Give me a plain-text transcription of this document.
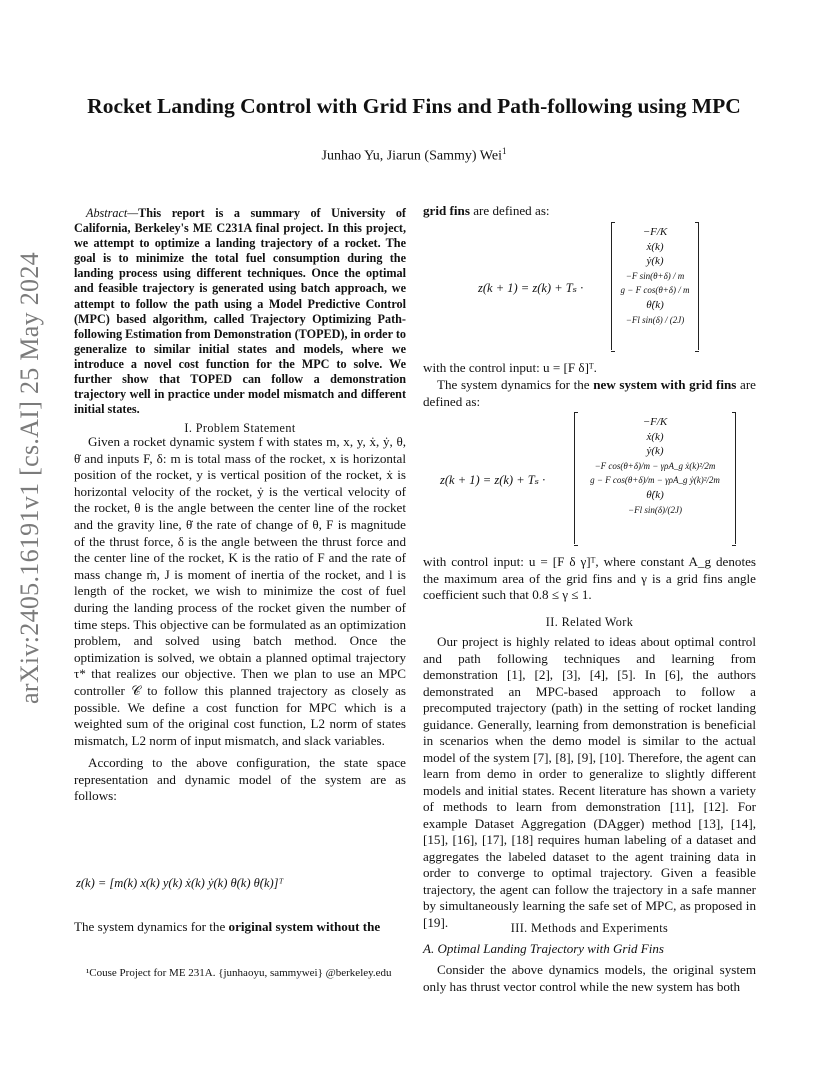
Rocket Landing Control with Grid Fins and Path-following using MPC
Junhao Yu, Jiarun (Sammy) Wei$^1$
arXiv:2405.16191v1 [cs.AI] 25 May 2024

Abstract—This report is a summary of University of California, Berkeley's ME C231A final project. In this project, we attempt to optimize a landing trajectory of a rocket. The goal is to minimize the total fuel consumption during the landing process using different techniques. Once the optimal and feasible trajectory is generated using batch approach, we attempt to follow the path using a Model Predictive Control (MPC) based algorithm, called Trajectory Optimizing Path-following Estimation from Demonstration (TOPED), in order to generalize to similar initial states and models, where we introduce a novel cost function for the MPC to solve. We further show that TOPED can follow a demonstration trajectory well in practice under model mismatch and different initial states.

I. Problem Statement

Given a rocket dynamic system f with states m, x, y, ẋ, ẏ, θ, θ̇ and inputs F, δ: m is total mass of the rocket, x is horizontal position of the rocket, y is vertical position of the rocket, ẋ is horizontal velocity of the rocket, ẏ is the vertical velocity of the rocket, θ is the angle between the center line of the rocket and the gravity line, θ̇ the rate of change of θ, F is magnitude of the thrust force, δ is the angle between the thrust force and the center line of the rocket, K is the ratio of F and the rate of mass change ṁ, J is moment of inertia of the rocket, and l is length of the rocket, we wish to minimize the cost of fuel during the landing process of the rocket given the number of time steps. This objective can be formulated as an optimization problem, and solved using batch method. Once the optimization is solved, we obtain a planned optimal trajectory τ* that realizes our objective. Then we plan to use an MPC controller 𝒞 to follow this planned trajectory as closely as possible. We define a cost function for MPC which is a weighted sum of the original cost function, L2 norm of states mismatch, L2 norm of input mismatch, and slack variables.

According to the above configuration, the state space representation and dynamic model of the system are as follows:

z(k) = [m(k) x(k) y(k) ẋ(k) ẏ(k) θ(k) θ̇(k)]ᵀ
The system dynamics for the original system without the
¹Couse Project for ME 231A. {junhaoyu, sammywei} @berkeley.edu
grid fins are defined as:
z(k + 1) = z(k) + Tₛ ·
−F/K
ẋ(k)
ẏ(k)
−F sin(θ+δ) / m
g − F cos(θ+δ) / m
θ̇(k)
−Fl sin(δ) / (2J)
with the control input: u = [F δ]ᵀ.
The system dynamics for the new system with grid fins are defined as:
z(k + 1) = z(k) + Tₛ ·
−F/K
ẋ(k)
ẏ(k)
−F cos(θ+δ)/m − γρA_g ẋ(k)²/2m
g − F cos(θ+δ)/m − γρA_g ẏ(k)²/2m
θ̇(k)
−Fl sin(δ)/(2J)
with control input: u = [F δ γ]ᵀ, where constant A_g denotes the maximum area of the grid fins and γ is a grid fins angle coefficient such that 0.8 ≤ γ ≤ 1.
II. Related Work

Our project is highly related to ideas about optimal control and path following techniques and learning from demonstration [1], [2], [3], [4], [5]. In [6], the authors demonstrated an MPC-based approach to follow a precomputed trajectory (path) in the setting of rocket landing guidance. Generally, learning from demonstration is beneficial in scenarios when the demo model is similar to the actual model of the system [7], [8], [9], [10]. Therefore, the agent can learn from demo in order to generalize to slightly different models and initial states. Recent literature has shown a variety of methods to learn from demonstration [11], [12]. For example Dataset Aggregation (DAgger) method [13], [14], [15], [16], [17], [18] requires human labeling of a dataset and aggregates the labeled dataset to the agent training data in order to converge to optimal trajectory. Given a feasible trajectory, the agent can follow the trajectory in a safe manner by simultaneously learning the safe set of MPC, as proposed in [19].	III. Methods and Experiments
A. Optimal Landing Trajectory with Grid Fins

Consider the above dynamics models, the original system only has thrust vector control while the new system has both
